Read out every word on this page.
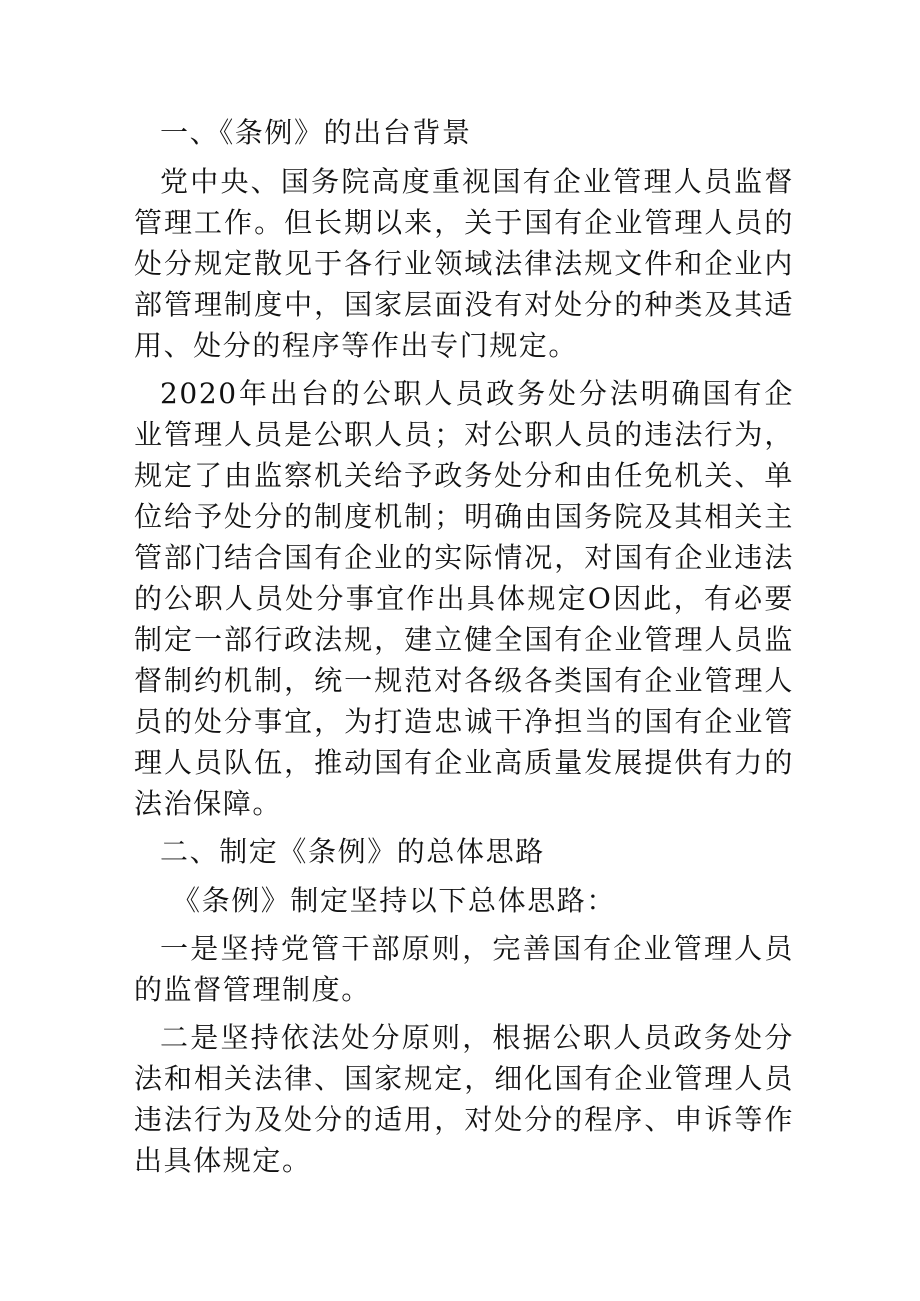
一、《条例》的出台背景

党中央、国务院高度重视国有企业管理人员监督管理工作。但长期以来，关于国有企业管理人员的处分规定散见于各行业领域法律法规文件和企业内部管理制度中，国家层面没有对处分的种类及其适用、处分的程序等作出专门规定。

2020年出台的公职人员政务处分法明确国有企业管理人员是公职人员；对公职人员的违法行为，规定了由监察机关给予政务处分和由任免机关、单位给予处分的制度机制；明确由国务院及其相关主管部门结合国有企业的实际情况，对国有企业违法的公职人员处分事宜作出具体规定O因此，有必要制定一部行政法规，建立健全国有企业管理人员监督制约机制，统一规范对各级各类国有企业管理人员的处分事宜，为打造忠诚干净担当的国有企业管理人员队伍，推动国有企业高质量发展提供有力的法治保障。

二、制定《条例》的总体思路

《条例》制定坚持以下总体思路：

一是坚持党管干部原则，完善国有企业管理人员的监督管理制度。

二是坚持依法处分原则，根据公职人员政务处分法和相关法律、国家规定，细化国有企业管理人员违法行为及处分的适用，对处分的程序、申诉等作出具体规定。
